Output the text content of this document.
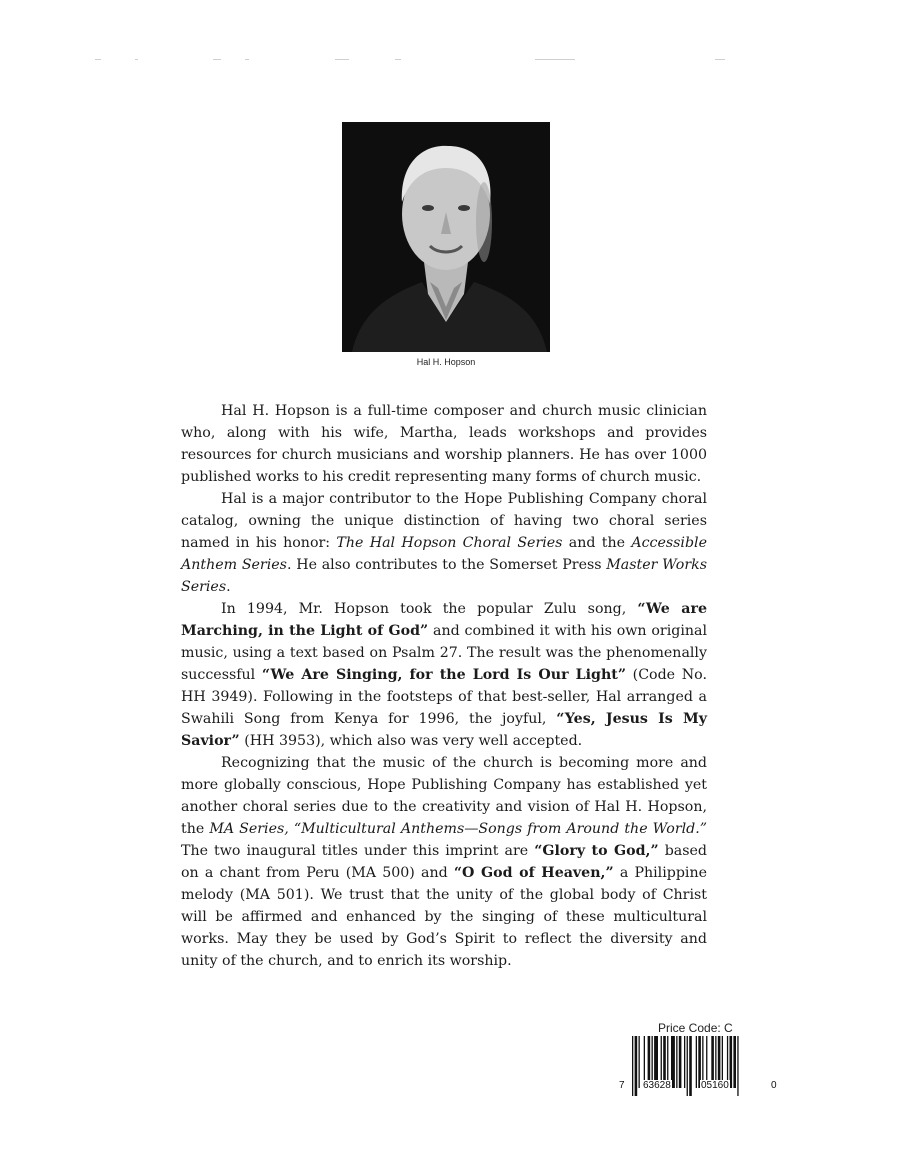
Hal H. Hopson

Hal H. Hopson is a full-time composer and church music clinician who, along with his wife, Martha, leads workshops and provides resources for church musicians and worship planners. He has over 1000 published works to his credit representing many forms of church music.

Hal is a major contributor to the Hope Publishing Company choral catalog, owning the unique distinction of having two choral series named in his honor: The Hal Hopson Choral Series and the Accessible Anthem Series. He also contributes to the Somerset Press Master Works Series.

In 1994, Mr. Hopson took the popular Zulu song, “We are Marching, in the Light of God” and combined it with his own original music, using a text based on Psalm 27. The result was the phenomenally successful “We Are Singing, for the Lord Is Our Light” (Code No. HH 3949). Following in the footsteps of that best-seller, Hal arranged a Swahili Song from Kenya for 1996, the joyful, “Yes, Jesus Is My Savior” (HH 3953), which also was very well accepted.

Recognizing that the music of the church is becoming more and more globally conscious, Hope Publishing Company has established yet another choral series due to the creativity and vision of Hal H. Hopson, the MA Series, “Multicultural Anthems—Songs from Around the World.” The two inaugural titles under this imprint are “Glory to God,” based on a chant from Peru (MA 500) and “O God of Heaven,” a Philippine melody (MA 501). We trust that the unity of the global body of Christ will be affirmed and enhanced by the singing of these multicultural works. May they be used by God’s Spirit to reflect the diversity and unity of the church, and to enrich its worship.

Price Code: C
7 63628	05160	0
